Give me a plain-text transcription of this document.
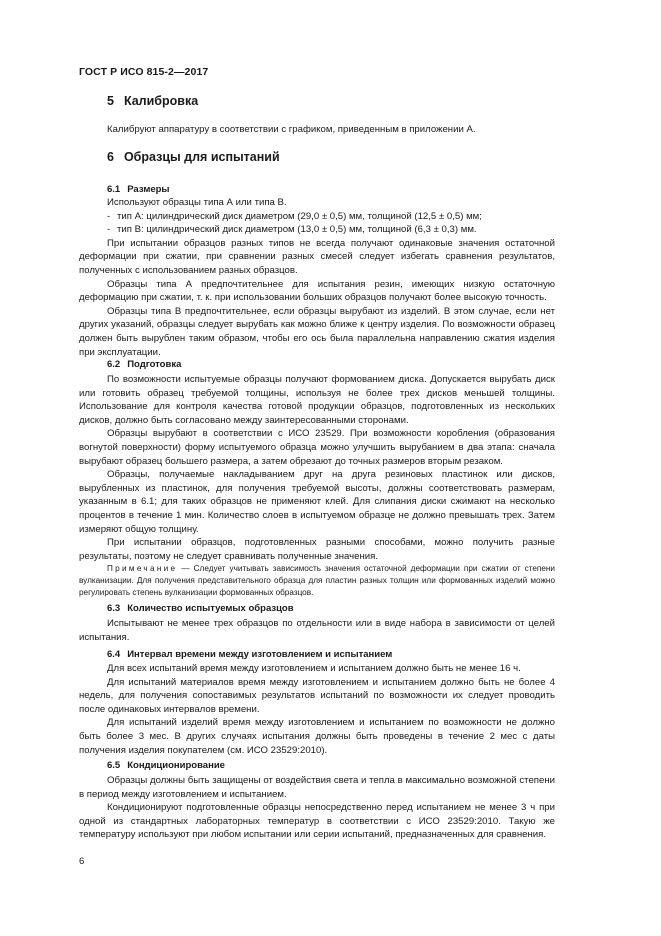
ГОСТ Р ИСО 815-2—2017
5 Калибровка

Калибруют аппаратуру в соответствии с графиком, приведенным в приложении А.

6 Образцы для испытаний
6.1 Размеры

Используют образцы типа А или типа В.

- тип А: цилиндрический диск диаметром (29,0 ± 0,5) мм, толщиной (12,5 ± 0,5) мм;

- тип В: цилиндрический диск диаметром (13,0 ± 0,5) мм, толщиной (6,3 ± 0,3) мм.

При испытании образцов разных типов не всегда получают одинаковые значения остаточной деформации при сжатии, при сравнении разных смесей следует избегать сравнения результатов, полученных с использованием разных образцов.

Образцы типа А предпочтительнее для испытания резин, имеющих низкую остаточную деформацию при сжатии, т. к. при использовании больших образцов получают более высокую точность.

Образцы типа В предпочтительнее, если образцы вырубают из изделий. В этом случае, если нет других указаний, образцы следует вырубать как можно ближе к центру изделия. По возможности образец должен быть вырублен таким образом, чтобы его ось была параллельна направлению сжатия изделия при эксплуатации.

6.2 Подготовка

По возможности испытуемые образцы получают формованием диска. Допускается вырубать диск или готовить образец требуемой толщины, используя не более трех дисков меньшей толщины. Использование для контроля качества готовой продукции образцов, подготовленных из нескольких дисков, должно быть согласовано между заинтересованными сторонами.

Образцы вырубают в соответствии с ИСО 23529. При возможности коробления (образования вогнутой поверхности) форму испытуемого образца можно улучшить вырубанием в два этапа: сначала вырубают образец большего размера, а затем обрезают до точных размеров вторым резаком.

Образцы, получаемые накладыванием друг на друга резиновых пластинок или дисков, вырубленных из пластинок, для получения требуемой высоты, должны соответствовать размерам, указанным в 6.1; для таких образцов не применяют клей. Для слипания диски сжимают на несколько процентов в течение 1 мин. Количество слоев в испытуемом образце не должно превышать трех. Затем измеряют общую толщину.

При испытании образцов, подготовленных разными способами, можно получить разные результаты, поэтому не следует сравнивать полученные значения.

Примечание — Следует учитывать зависимость значения остаточной деформации при сжатии от степени вулканизации. Для получения представительного образца для пластин разных толщин или формованных изделий можно регулировать степень вулканизации формованных образцов.
6.3 Количество испытуемых образцов

Испытывают не менее трех образцов по отдельности или в виде набора в зависимости от целей испытания.

6.4 Интервал времени между изготовлением и испытанием

Для всех испытаний время между изготовлением и испытанием должно быть не менее 16 ч.

Для испытаний материалов время между изготовлением и испытанием должно быть не более 4 недель, для получения сопоставимых результатов испытаний по возможности их следует проводить после одинаковых интервалов времени.

Для испытаний изделий время между изготовлением и испытанием по возможности не должно быть более 3 мес. В других случаях испытания должны быть проведены в течение 2 мес с даты получения изделия покупателем (см. ИСО 23529:2010).

6.5 Кондиционирование

Образцы должны быть защищены от воздействия света и тепла в максимально возможной степени в период между изготовлением и испытанием.

Кондиционируют подготовленные образцы непосредственно перед испытанием не менее 3 ч при одной из стандартных лабораторных температур в соответствии с ИСО 23529:2010. Такую же температуру используют при любом испытании или серии испытаний, предназначенных для сравнения.

6
